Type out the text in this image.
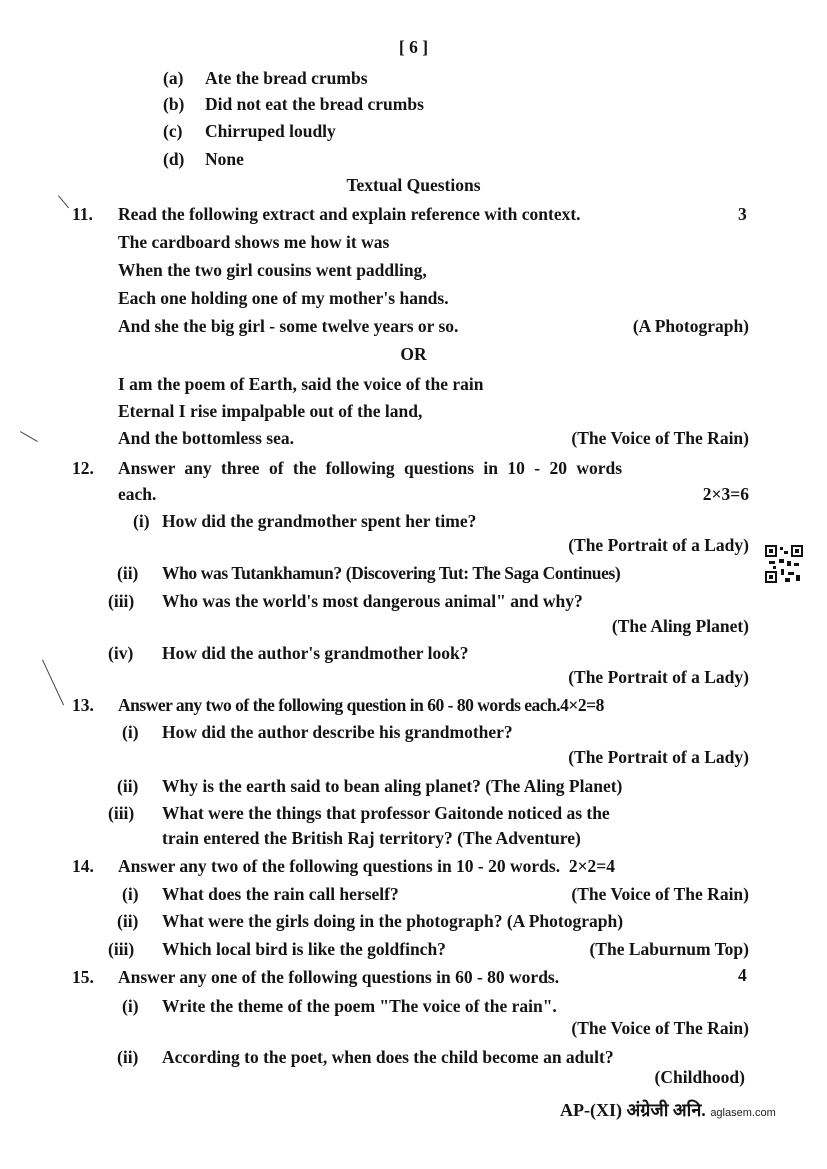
[ 6 ]
(a) Ate the bread crumbs
(b) Did not eat the bread crumbs
(c) Chirruped loudly
(d) None
Textual Questions
11. Read the following extract and explain reference with context.	3
The cardboard shows me how it was
When the two girl cousins went paddling,
Each one holding one of my mother's hands.
And she the big girl - some twelve years or so.	(A Photograph)
OR
I am the poem of Earth, said the voice of the rain
Eternal I rise impalpable out of the land,
And the bottomless sea.	(The Voice of The Rain)
12. Answer any three of the following questions in 10 - 20 words
each.	2×3=6
(i) How did the grandmother spent her time?
(The Portrait of a Lady)
(ii) Who was Tutankhamun? (Discovering Tut: The Saga Continues)
(iii) Who was the world's most dangerous animal" and why?
(The Aling Planet)
(iv) How did the author's grandmother look?
(The Portrait of a Lady)
13. Answer any two of the following question in 60 - 80 words each.4×2=8
(i) How did the author describe his grandmother?
(The Portrait of a Lady)
(ii) Why is the earth said to bean aling planet? (The Aling Planet)
(iii) What were the things that professor Gaitonde noticed as the
train entered the British Raj territory? (The Adventure)
14. Answer any two of the following questions in 10 - 20 words.  2×2=4
(i) What does the rain call herself?	(The Voice of The Rain)
(ii) What were the girls doing in the photograph? (A Photograph)
(iii) Which local bird is like the goldfinch?	(The Laburnum Top)
15. Answer any one of the following questions in 60 - 80 words.	4
(i) Write the theme of the poem "The voice of the rain".
(The Voice of The Rain)
(ii) According to the poet, when does the child become an adult?
(Childhood)
AP-(XI) अंग्रेजी अनि. aglasem.com
